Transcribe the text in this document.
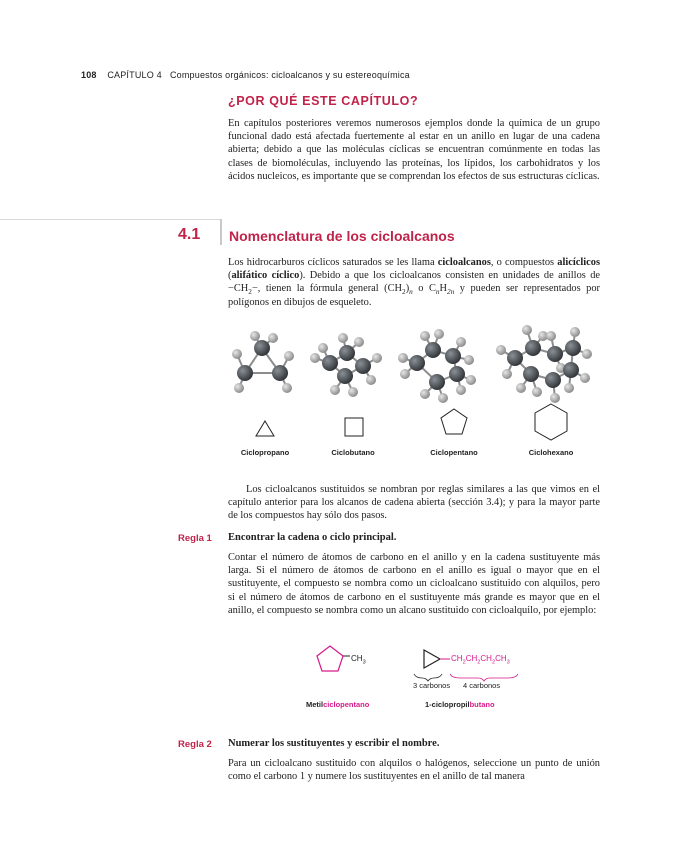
108 CAPÍTULO 4 Compuestos orgánicos: cicloalcanos y su estereoquímica
¿POR QUÉ ESTE CAPÍTULO?
En capítulos posteriores veremos numerosos ejemplos donde la química de un grupo funcional dado está afectada fuertemente al estar en un anillo en lugar de una cadena abierta; debido a que las moléculas cíclicas se encuentran comúnmente en todas las clases de biomoléculas, incluyendo las proteínas, los lípidos, los carbohidratos y los ácidos nucleicos, es importante que se comprendan los efectos de sus estructuras cíclicas.
4.1 Nomenclatura de los cicloalcanos
Los hidrocarburos cíclicos saturados se les llama cicloalcanos, o compuestos alicíclicos (alifático cíclico). Debido a que los cicloalcanos consisten en unidades de anillos de $-CH_2-$, tienen la fórmula general $(CH_2)_n$ o $C_nH_{2n}$ y pueden ser representados por polígonos en dibujos de esqueleto.
Ciclopropano	Ciclobutano	Ciclopentano	Ciclohexano
Los cicloalcanos sustituidos se nombran por reglas similares a las que vimos en el capítulo anterior para los alcanos de cadena abierta (sección 3.4); y para la mayor parte de los compuestos hay sólo dos pasos.
Regla 1 Encontrar la cadena o ciclo principal.
Contar el número de átomos de carbono en el anillo y en la cadena sustituyente más larga. Si el número de átomos de carbono en el anillo es igual o mayor que en el sustituyente, el compuesto se nombra como un cicloalcano sustituido con alquilos, pero si el número de átomos de carbono en el sustituyente más grande es mayor que en el anillo, el compuesto se nombra como un alcano sustituido con cicloalquilo, por ejemplo:
$CH_3$	$CH_2CH_2CH_2CH_3$
3 carbonos 4 carbonos
Metilciclopentano	1-ciclopropilbutano
Regla 2 Numerar los sustituyentes y escribir el nombre.
Para un cicloalcano sustituido con alquilos o halógenos, seleccione un punto de unión como el carbono 1 y numere los sustituyentes en el anillo de tal manera
